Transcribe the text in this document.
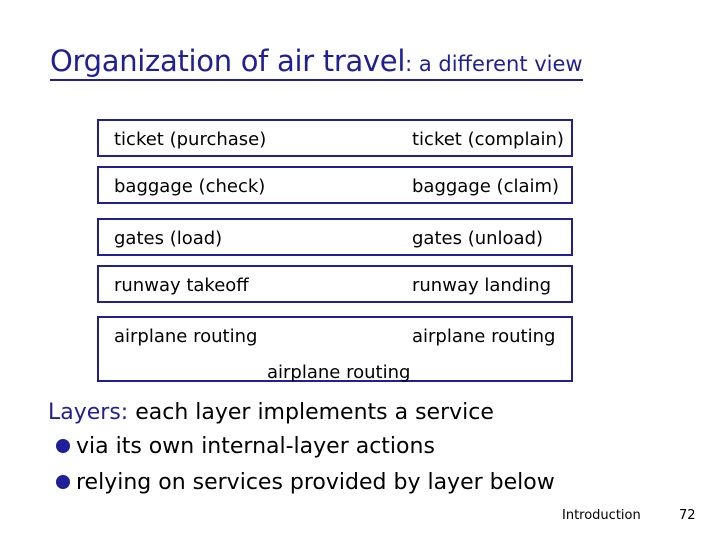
Organization of air travel: a different view
ticket (purchase)	ticket (complain)
baggage (check)	baggage (claim)
gates (load)	gates (unload)
runway takeoff	runway landing
airplane routing	airplane routing
airplane routing
Layers: each layer implements a service
via its own internal-layer actions
relying on services provided by layer below
Introduction	72
